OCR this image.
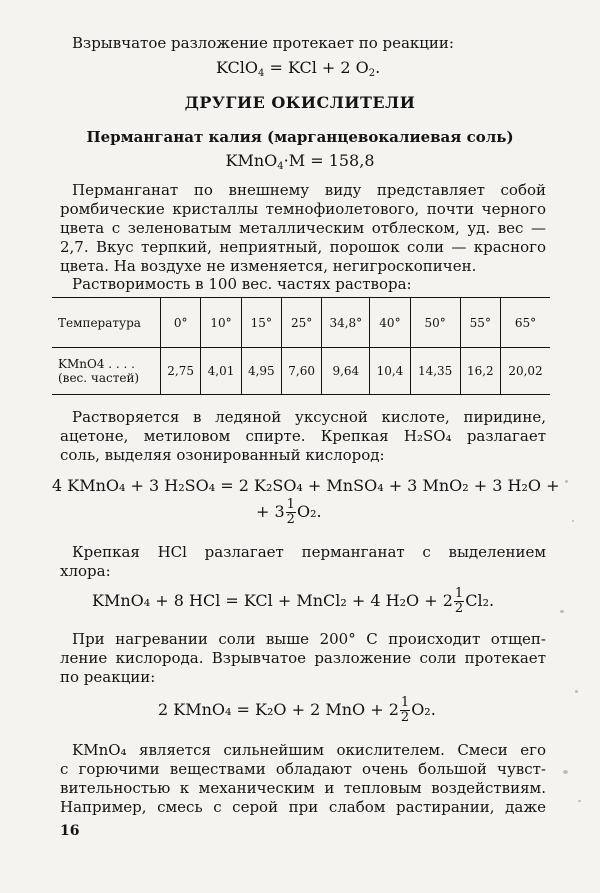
Взрывчатое разложение протекает по реакции:
KClO$_4$ = KCl + 2 $O_2$.
ДРУГИЕ ОКИСЛИТЕЛИ
Перманганат калия (марганцевокалиевая соль)
KMnO$_4$·M = 158,8
Перманганат по внешнему виду представляет собой
ромбические кристаллы темнофиолетового, почти черного
цвета с зеленоватым металлическим отблеском, уд. вес —
2,7. Вкус терпкий, неприятный, порошок соли — красного
цвета. На воздухе не изменяется, негигроскопичен.
Растворимость в 100 вес. частях раствора:
Температура	0°	10°	15°	25°	34,8°	40°	50°	55°	65°
KMnO4 . . . .
(вес. частей)	2,75	4,01	4,95	7,60	9,64	10,4	14,35	16,2	20,02
Растворяется в ледяной уксусной кислоте, пиридине,
ацетоне, метиловом спирте. Крепкая H₂SO₄ разлагает
соль, выделяя озонированный кислород:
4 KMnO₄ + 3 H₂SO₄ = 2 K₂SO₄ + MnSO₄ + 3 MnO₂ + 3 H₂O +
+ $3 \frac{1}{2} O_2$.
Крепкая HCl разлагает перманганат с выделением
хлора:
KMnO₄ + 8 HCl = KCl + MnCl₂ + 4 $H_2O + 2 \frac{1}{2} Cl_2$.
При нагревании соли выше 200° C происходит отщеп-
ление кислорода. Взрывчатое разложение соли протекает
по реакции:
2 KMnO₄ = K₂O + 2 MnO + $2 \frac{1}{2} O_2$.
KMnO₄ является сильнейшим окислителем. Смеси его
с горючими веществами обладают очень большой чувст-
вительностью к механическим и тепловым воздействиям.
Например, смесь с серой при слабом растирании, даже
16
